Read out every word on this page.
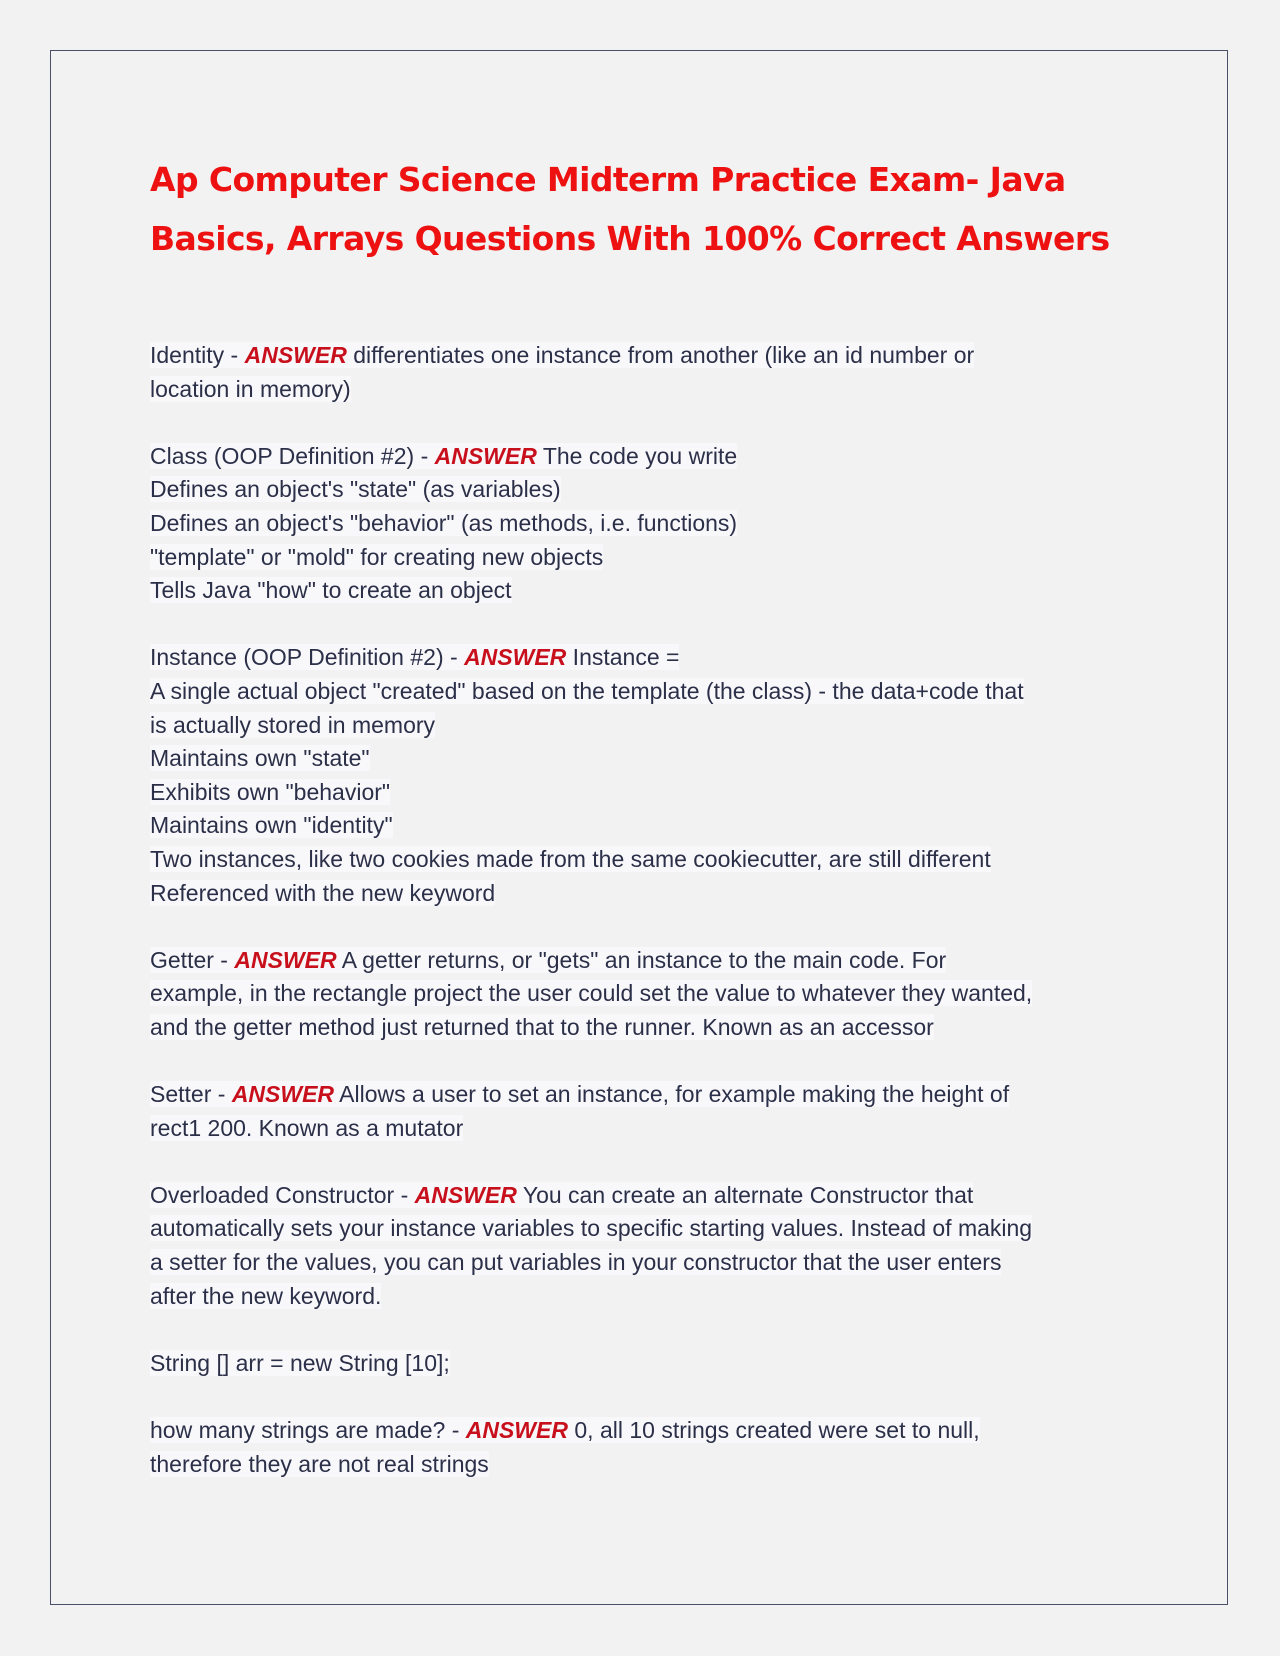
Ap Computer Science Midterm Practice Exam- Java
Basics, Arrays Questions With 100% Correct Answers
Identity - ANSWER differentiates one instance from another (like an id number or
location in memory)
Class (OOP Definition #2) - ANSWER The code you write
Defines an object's "state" (as variables)
Defines an object's "behavior" (as methods, i.e. functions)
"template" or "mold" for creating new objects
Tells Java "how" to create an object
Instance (OOP Definition #2) - ANSWER Instance =
A single actual object "created" based on the template (the class) - the data+code that
is actually stored in memory
Maintains own "state"
Exhibits own "behavior"
Maintains own "identity"
Two instances, like two cookies made from the same cookiecutter, are still different
Referenced with the new keyword
Getter - ANSWER A getter returns, or "gets" an instance to the main code. For
example, in the rectangle project the user could set the value to whatever they wanted,
and the getter method just returned that to the runner. Known as an accessor
Setter - ANSWER Allows a user to set an instance, for example making the height of
rect1 200. Known as a mutator
Overloaded Constructor - ANSWER You can create an alternate Constructor that
automatically sets your instance variables to specific starting values. Instead of making
a setter for the values, you can put variables in your constructor that the user enters
after the new keyword.
String [] arr = new String [10];
how many strings are made? - ANSWER 0, all 10 strings created were set to null,
therefore they are not real strings
